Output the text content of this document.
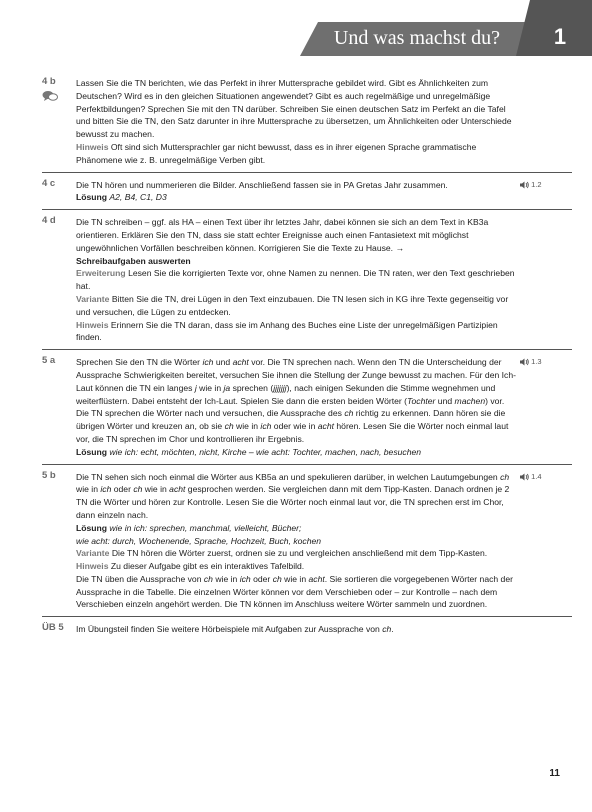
Und was machst du?	1
4 b	Lassen Sie die TN berichten, wie das Perfekt in ihrer Muttersprache gebildet wird. Gibt es Ähnlichkeiten zum Deutschen? Wird es in den gleichen Situationen angewendet? Gibt es auch regelmäßige und unregelmäßige Perfektbildungen? Sprechen Sie mit den TN darüber. Schreiben Sie einen deutschen Satz im Perfekt an die Tafel und bitten Sie die TN, den Satz darunter in ihre Muttersprache zu übersetzen, um Ähnlichkeiten oder Unterschiede bewusst zu machen.

Hinweis Oft sind sich Muttersprachler gar nicht bewusst, dass es in ihrer eigenen Sprache grammatische Phänomene wie z. B. unregelmäßige Verben gibt.

4 c	1.2

Die TN hören und nummerieren die Bilder. Anschließend fassen sie in PA Gretas Jahr zusammen.

Lösung A2, B4, C1, D3

4 d	Die TN schreiben – ggf. als HA – einen Text über ihr letztes Jahr, dabei können sie sich an dem Text in KB3a orientieren. Erklären Sie den TN, dass sie statt echter Ereignisse auch einen Fantasietext mit möglichst ungewöhnlichen Vorfällen beschreiben können. Korrigieren Sie die Texte zu Hause. →

Schreibaufgaben auswerten

Erweiterung Lesen Sie die korrigierten Texte vor, ohne Namen zu nennen. Die TN raten, wer den Text geschrieben hat.

Variante Bitten Sie die TN, drei Lügen in den Text einzubauen. Die TN lesen sich in KG ihre Texte gegenseitig vor und versuchen, die Lügen zu entdecken.

Hinweis Erinnern Sie die TN daran, dass sie im Anhang des Buches eine Liste der unregelmäßigen Partizipien finden.

5 a	1.3

Sprechen Sie den TN die Wörter ich und acht vor. Die TN sprechen nach. Wenn den TN die Unterscheidung der Aussprache Schwierigkeiten bereitet, versuchen Sie ihnen die Stellung der Zunge bewusst zu machen. Für den Ich-Laut können die TN ein langes j wie in ja sprechen (jjjjjjj), nach einigen Sekunden die Stimme wegnehmen und weiterflüstern. Dabei entsteht der Ich-Laut. Spielen Sie dann die ersten beiden Wörter (Tochter und machen) vor. Die TN sprechen die Wörter nach und versuchen, die Aussprache des ch richtig zu erkennen. Dann hören sie die übrigen Wörter und kreuzen an, ob sie ch wie in ich oder wie in acht hören. Lesen Sie die Wörter noch einmal laut vor, die TN sprechen im Chor und kontrollieren ihr Ergebnis.

Lösung wie ich: echt, möchten, nicht, Kirche – wie acht: Tochter, machen, nach, besuchen

5 b	1.4

Die TN sehen sich noch einmal die Wörter aus KB5a an und spekulieren darüber, in welchen Lautumgebungen ch wie in ich oder ch wie in acht gesprochen werden. Sie vergleichen dann mit dem Tipp-Kasten. Danach ordnen je 2 TN die Wörter und hören zur Kontrolle. Lesen Sie die Wörter noch einmal laut vor, die TN sprechen erst im Chor, dann einzeln nach.

Lösung wie in ich: sprechen, manchmal, vielleicht, Bücher;

wie acht: durch, Wochenende, Sprache, Hochzeit, Buch, kochen

Variante Die TN hören die Wörter zuerst, ordnen sie zu und vergleichen anschließend mit dem Tipp-Kasten.

Hinweis Zu dieser Aufgabe gibt es ein interaktives Tafelbild.

Die TN üben die Aussprache von ch wie in ich oder ch wie in acht. Sie sortieren die vorgegebenen Wörter nach der Aussprache in die Tabelle. Die einzelnen Wörter können vor dem Verschieben oder – zur Kontrolle – nach dem Verschieben einzeln angehört werden. Die TN können im Anschluss weitere Wörter sammeln und zuordnen.

ÜB 5	Im Übungsteil finden Sie weitere Hörbeispiele mit Aufgaben zur Aussprache von ch.

11
